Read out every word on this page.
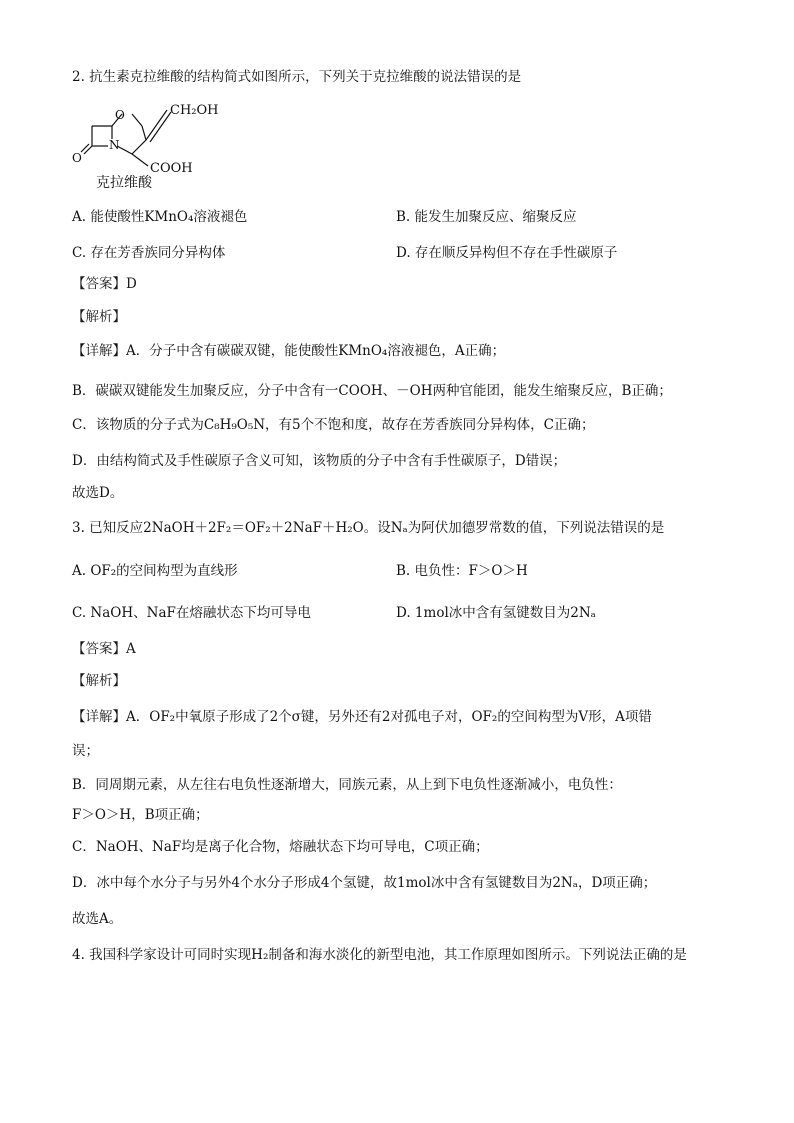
2. 抗生素克拉维酸的结构简式如图所示，下列关于克拉维酸的说法错误的是
O
N
O
CH₂OH
COOH
克拉维酸
A. 能使酸性KMnO₄溶液褪色	B. 能发生加聚反应、缩聚反应
C. 存在芳香族同分异构体	D. 存在顺反异构但不存在手性碳原子
【答案】D
【解析】
【详解】A．分子中含有碳碳双键，能使酸性KMnO₄溶液褪色，A正确；
B．碳碳双键能发生加聚反应，分子中含有一COOH、－OH两种官能团，能发生缩聚反应，B正确；
C．该物质的分子式为C₈H₉O₅N，有5个不饱和度，故存在芳香族同分异构体，C正确；
D．由结构简式及手性碳原子含义可知，该物质的分子中含有手性碳原子，D错误；
故选D。
3. 已知反应2NaOH＋2F₂＝OF₂＋2NaF＋H₂O。设Nₐ为阿伏加德罗常数的值，下列说法错误的是
A. OF₂的空间构型为直线形	B. 电负性：F＞O＞H
C. NaOH、NaF在熔融状态下均可导电	D. 1mol冰中含有氢键数目为2Nₐ
【答案】A
【解析】
【详解】A．OF₂中氧原子形成了2个σ键，另外还有2对孤电子对，OF₂的空间构型为V形，A项错
误；
B．同周期元素，从左往右电负性逐渐增大，同族元素，从上到下电负性逐渐减小，电负性：
F＞O＞H，B项正确；
C．NaOH、NaF均是离子化合物，熔融状态下均可导电，C项正确；
D．冰中每个水分子与另外4个水分子形成4个氢键，故1mol冰中含有氢键数目为2Nₐ，D项正确；
故选A。
4. 我国科学家设计可同时实现H₂制备和海水淡化的新型电池，其工作原理如图所示。下列说法正确的是
